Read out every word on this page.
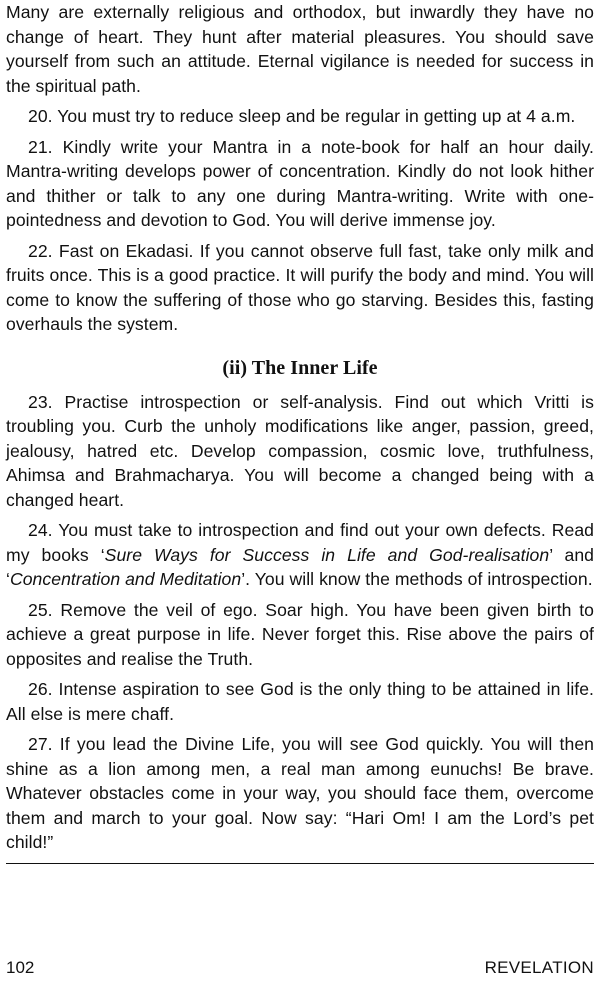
Many are externally religious and orthodox, but inwardly they have no change of heart. They hunt after material pleasures. You should save yourself from such an attitude. Eternal vigilance is needed for success in the spiritual path.

20. You must try to reduce sleep and be regular in getting up at 4 a.m.

21. Kindly write your Mantra in a note-book for half an hour daily. Mantra-writing develops power of concentration. Kindly do not look hither and thither or talk to any one during Mantra-writing. Write with one-pointedness and devotion to God. You will derive immense joy.

22. Fast on Ekadasi. If you cannot observe full fast, take only milk and fruits once. This is a good practice. It will purify the body and mind. You will come to know the suffering of those who go starving. Besides this, fasting overhauls the system.

(ii) The Inner Life

23. Practise introspection or self-analysis. Find out which Vritti is troubling you. Curb the unholy modifications like anger, passion, greed, jealousy, hatred etc. Develop compassion, cosmic love, truthfulness, Ahimsa and Brahmacharya. You will become a changed being with a changed heart.

24. You must take to introspection and find out your own defects. Read my books ‘Sure Ways for Success in Life and God-realisation’ and ‘Concentration and Meditation’. You will know the methods of introspection.

25. Remove the veil of ego. Soar high. You have been given birth to achieve a great purpose in life. Never forget this. Rise above the pairs of opposites and realise the Truth.

26. Intense aspiration to see God is the only thing to be attained in life. All else is mere chaff.

27. If you lead the Divine Life, you will see God quickly. You will then shine as a lion among men, a real man among eunuchs! Be brave. Whatever obstacles come in your way, you should face them, overcome them and march to your goal. Now say: “Hari Om! I am the Lord’s pet child!”

102	REVELATION
